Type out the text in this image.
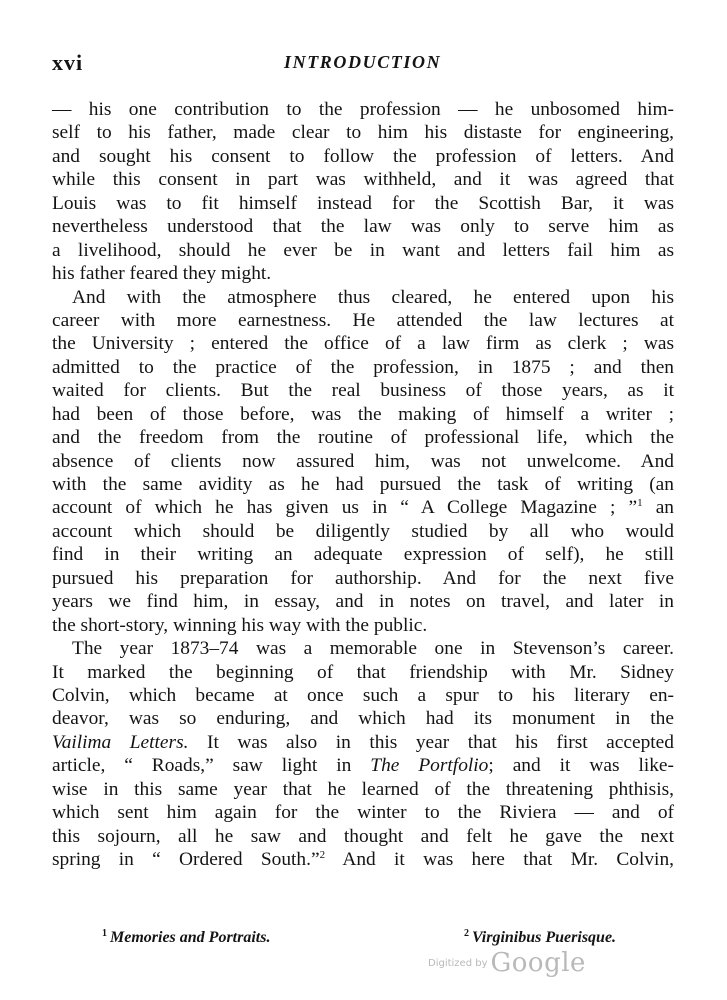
xvi	INTRODUCTION
— his one contribution to the profession — he unbosomed him-
self to his father, made clear to him his distaste for engineering,
and sought his consent to follow the profession of letters. And
while this consent in part was withheld, and it was agreed that
Louis was to fit himself instead for the Scottish Bar, it was
nevertheless understood that the law was only to serve him as
a livelihood, should he ever be in want and letters fail him as
his father feared they might.
And with the atmosphere thus cleared, he entered upon his
career with more earnestness. He attended the law lectures at
the University ; entered the office of a law firm as clerk ; was
admitted to the practice of the profession, in 1875 ; and then
waited for clients. But the real business of those years, as it
had been of those before, was the making of himself a writer ;
and the freedom from the routine of professional life, which the
absence of clients now assured him, was not unwelcome. And
with the same avidity as he had pursued the task of writing (an
account of which he has given us in “ A College Magazine ; ”$^1$ an
account which should be diligently studied by all who would
find in their writing an adequate expression of self), he still
pursued his preparation for authorship. And for the next five
years we find him, in essay, and in notes on travel, and later in
the short-story, winning his way with the public.
The year 1873–74 was a memorable one in Stevenson’s career.
It marked the beginning of that friendship with Mr. Sidney
Colvin, which became at once such a spur to his literary en-
deavor, was so enduring, and which had its monument in the
Vailima Letters. It was also in this year that his first accepted
article, “ Roads,” saw light in The Portfolio; and it was like-
wise in this same year that he learned of the threatening phthisis,
which sent him again for the winter to the Riviera — and of
this sojourn, all he saw and thought and felt he gave the next
spring in “ Ordered South.”$^2$ And it was here that Mr. Colvin,
$^1$ Memories and Portraits.	$^2$ Virginibus Puerisque.
$^{Digitized by}$ Google
